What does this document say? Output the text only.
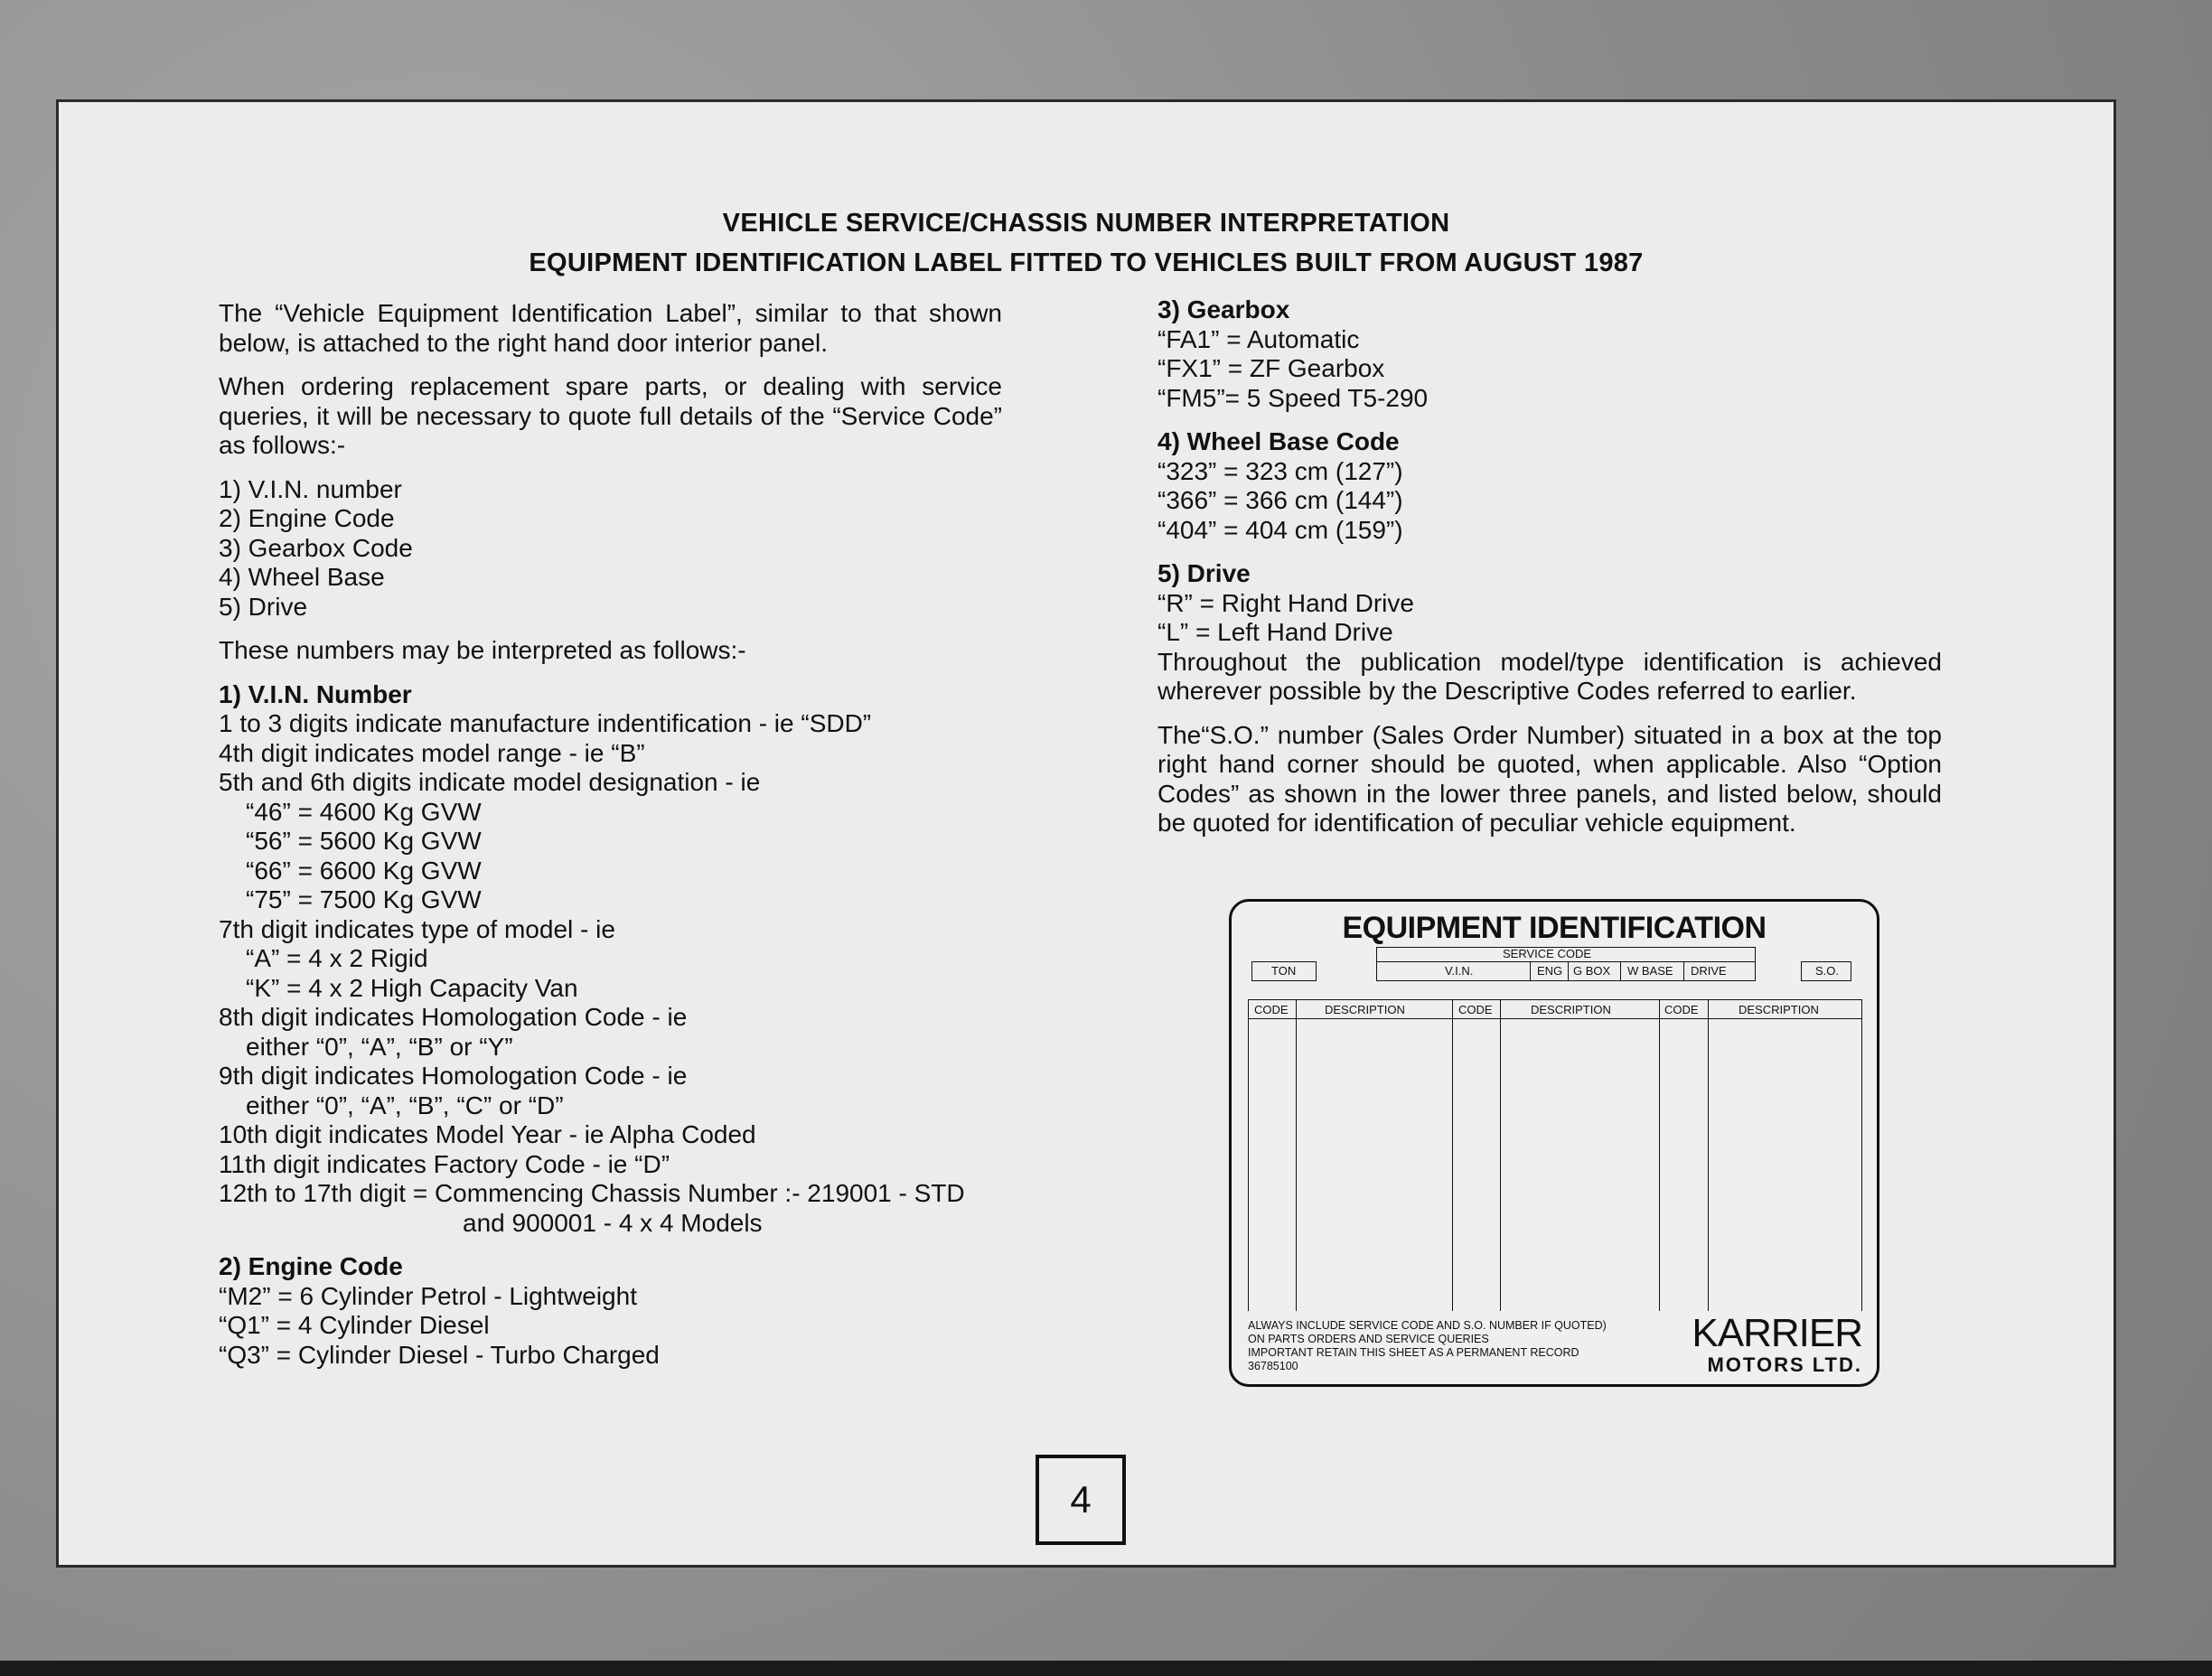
VEHICLE SERVICE/CHASSIS NUMBER INTERPRETATION
EQUIPMENT IDENTIFICATION LABEL FITTED TO VEHICLES BUILT FROM AUGUST 1987

The “Vehicle Equipment Identification Label”, similar to that shown below, is attached to the right hand door interior panel.

When ordering replacement spare parts, or dealing with service queries, it will be necessary to quote full details of the “Service Code” as follows:-

1) V.I.N. number
2) Engine Code
3) Gearbox Code
4) Wheel Base
5) Drive

These numbers may be interpreted as follows:-

1) V.I.N. Number
1 to 3 digits indicate manufacture indentification - ie “SDD”
4th digit indicates model range - ie “B”
5th and 6th digits indicate model designation - ie
“46” = 4600 Kg GVW
“56” = 5600 Kg GVW
“66” = 6600 Kg GVW
“75” = 7500 Kg GVW
7th digit indicates type of model - ie
“A” = 4 x 2 Rigid
“K” = 4 x 2 High Capacity Van
8th digit indicates Homologation Code - ie
either “0”, “A”, “B” or “Y”
9th digit indicates Homologation Code - ie
either “0”, “A”, “B”, “C” or “D”
10th digit indicates Model Year - ie Alpha Coded
11th digit indicates Factory Code - ie “D”
12th to 17th digit = Commencing Chassis Number :- 219001 - STD
and 900001 - 4 x 4 Models
2) Engine Code
“M2” = 6 Cylinder Petrol - Lightweight
“Q1” = 4 Cylinder Diesel
“Q3” = Cylinder Diesel - Turbo Charged
3) Gearbox
“FA1” = Automatic
“FX1” = ZF Gearbox
“FM5”= 5 Speed T5-290
4) Wheel Base Code
“323” = 323 cm (127”)
“366” = 366 cm (144”)
“404” = 404 cm (159”)
5) Drive
“R” = Right Hand Drive
“L” = Left Hand Drive

Throughout the publication model/type identification is achieved wherever possible by the Descriptive Codes referred to earlier.

The“S.O.” number (Sales Order Number) situated in a box at the top right hand corner should be quoted, when applicable. Also “Option Codes” as shown in the lower three panels, and listed below, should be quoted for identification of peculiar vehicle equipment.

EQUIPMENT IDENTIFICATION
SERVICE CODE
TON	V.I.N.	ENG G BOX W BASE DRIVE	S.O.
CODE	DESCRIPTION	CODE	DESCRIPTION	CODE	DESCRIPTION
ALWAYS INCLUDE SERVICE CODE AND S.O. NUMBER IF QUOTED)
ON PARTS ORDERS AND SERVICE QUERIES
IMPORTANT RETAIN THIS SHEET AS A PERMANENT RECORD
36785100
KARRIER
MOTORS LTD.
4
